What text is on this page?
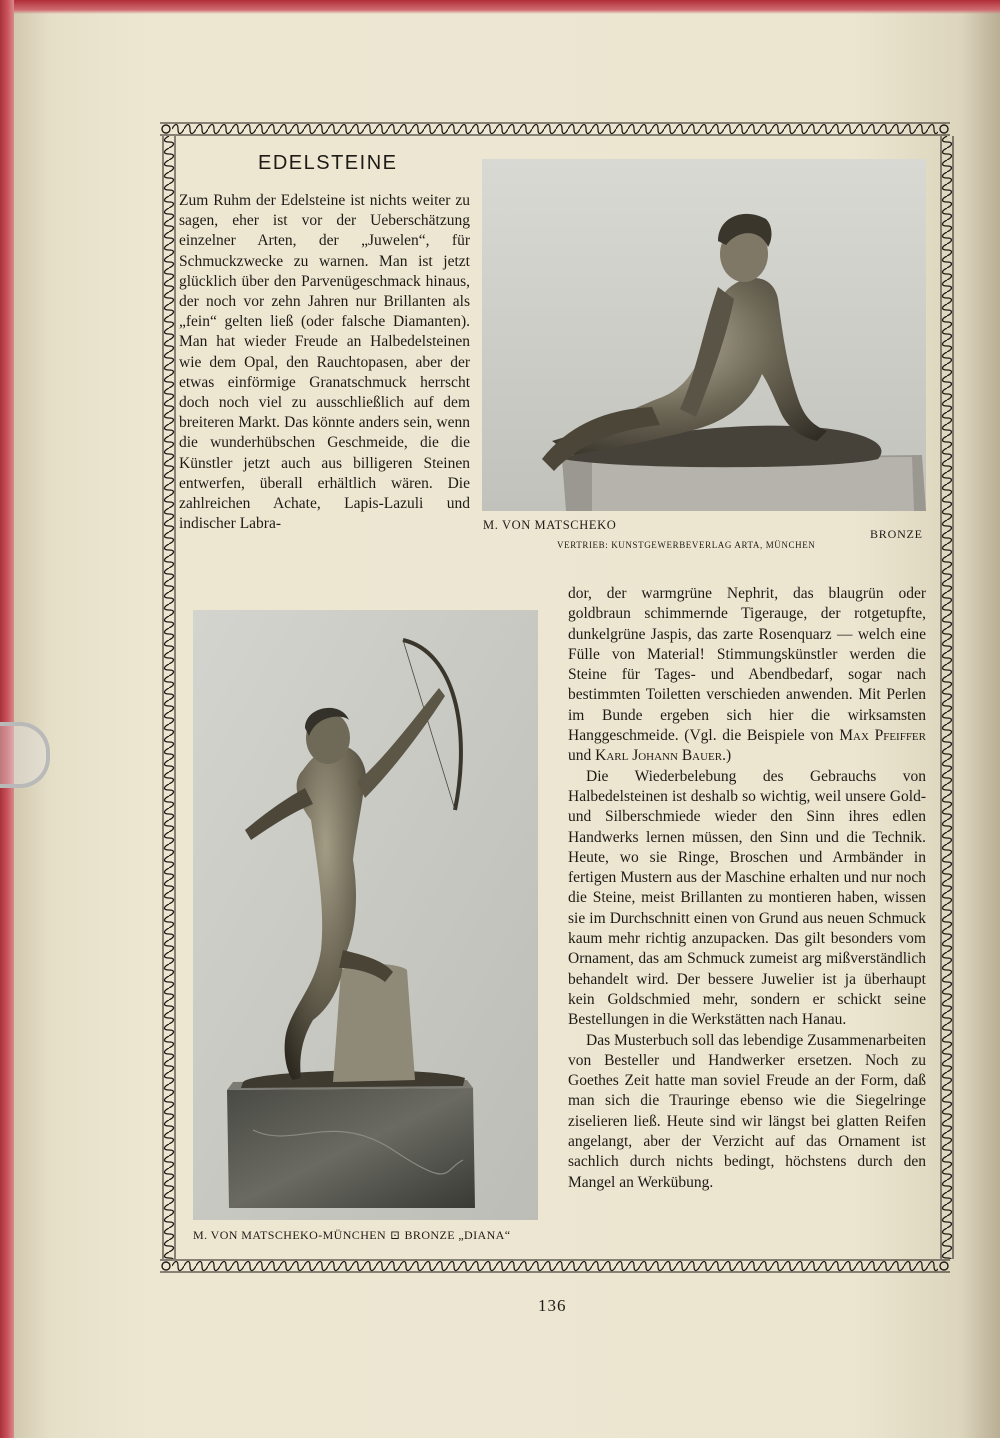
EDELSTEINE

Zum Ruhm der Edelsteine ist nichts weiter zu sagen, eher ist vor der Ueberschätzung einzelner Arten, der „Juwelen“, für Schmuckzwecke zu warnen. Man ist jetzt glücklich über den Parvenügeschmack hinaus, der noch vor zehn Jahren nur Brillanten als „fein“ gelten ließ (oder falsche Diamanten). Man hat wieder Freude an Halbedelsteinen wie dem Opal, den Rauchtopasen, aber der etwas einförmige Granatschmuck herrscht doch noch viel zu ausschließlich auf dem breiteren Markt. Das könnte anders sein, wenn die wunderhübschen Geschmeide, die die Künstler jetzt auch aus billigeren Steinen entwerfen, überall erhältlich wären. Die zahlreichen Achate, Lapis-Lazuli und indischer Labra-	M. VON MATSCHEKO
BRONZE
VERTRIEB: KUNSTGEWERBEVERLAG ARTA, MÜNCHEN
M. VON MATSCHEKO-MÜNCHEN ⊡ BRONZE „DIANA“

dor, der warmgrüne Nephrit, das blaugrün oder goldbraun schimmernde Tigerauge, der rotgetupfte, dunkelgrüne Jaspis, das zarte Rosenquarz — welch eine Fülle von Material! Stimmungskünstler werden die Steine für Tages- und Abendbedarf, sogar nach bestimmten Toiletten verschieden anwenden. Mit Perlen im Bunde ergeben sich hier die wirksamsten Hanggeschmeide. (Vgl. die Beispiele von Max Pfeiffer und Karl Johann Bauer.)

Die Wiederbelebung des Gebrauchs von Halbedelsteinen ist deshalb so wichtig, weil unsere Gold- und Silberschmiede wieder den Sinn ihres edlen Handwerks lernen müssen, den Sinn und die Technik. Heute, wo sie Ringe, Broschen und Armbänder in fertigen Mustern aus der Maschine erhalten und nur noch die Steine, meist Brillanten zu montieren haben, wissen sie im Durchschnitt einen von Grund aus neuen Schmuck kaum mehr richtig anzupacken. Das gilt besonders vom Ornament, das am Schmuck zumeist arg mißverständlich behandelt wird. Der bessere Juwelier ist ja überhaupt kein Goldschmied mehr, sondern er schickt seine Bestellungen in die Werkstätten nach Hanau.

Das Musterbuch soll das lebendige Zusammenarbeiten von Besteller und Handwerker ersetzen. Noch zu Goethes Zeit hatte man soviel Freude an der Form, daß man sich die Trauringe ebenso wie die Siegelringe ziselieren ließ. Heute sind wir längst bei glatten Reifen angelangt, aber der Verzicht auf das Ornament ist sachlich durch nichts bedingt, höchstens durch den Mangel an Werkübung.

136
